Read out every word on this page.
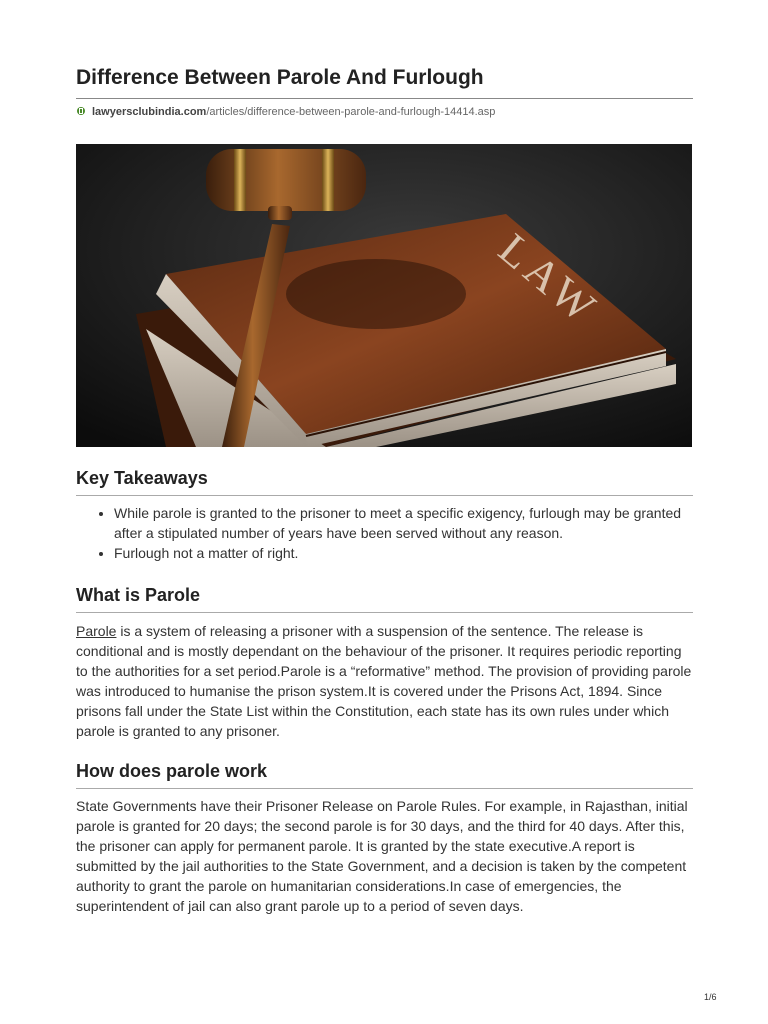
Difference Between Parole And Furlough
lawyersclubindia.com/articles/difference-between-parole-and-furlough-14414.asp
LAW
Key Takeaways
• While parole is granted to the prisoner to meet a specific exigency, furlough may be granted after a stipulated number of years have been served without any reason.
• Furlough not a matter of right.
What is Parole

Parole is a system of releasing a prisoner with a suspension of the sentence. The release is conditional and is mostly dependant on the behaviour of the prisoner. It requires periodic reporting to the authorities for a set period.Parole is a “reformative” method. The provision of providing parole was introduced to humanise the prison system.It is covered under the Prisons Act, 1894. Since prisons fall under the State List within the Constitution, each state has its own rules under which parole is granted to any prisoner.

How does parole work

State Governments have their Prisoner Release on Parole Rules. For example, in Rajasthan, initial parole is granted for 20 days; the second parole is for 30 days, and the third for 40 days. After this, the prisoner can apply for permanent parole. It is granted by the state executive.A report is submitted by the jail authorities to the State Government, and a decision is taken by the competent authority to grant the parole on humanitarian considerations.In case of emergencies, the superintendent of jail can also grant parole up to a period of seven days.

1/6
